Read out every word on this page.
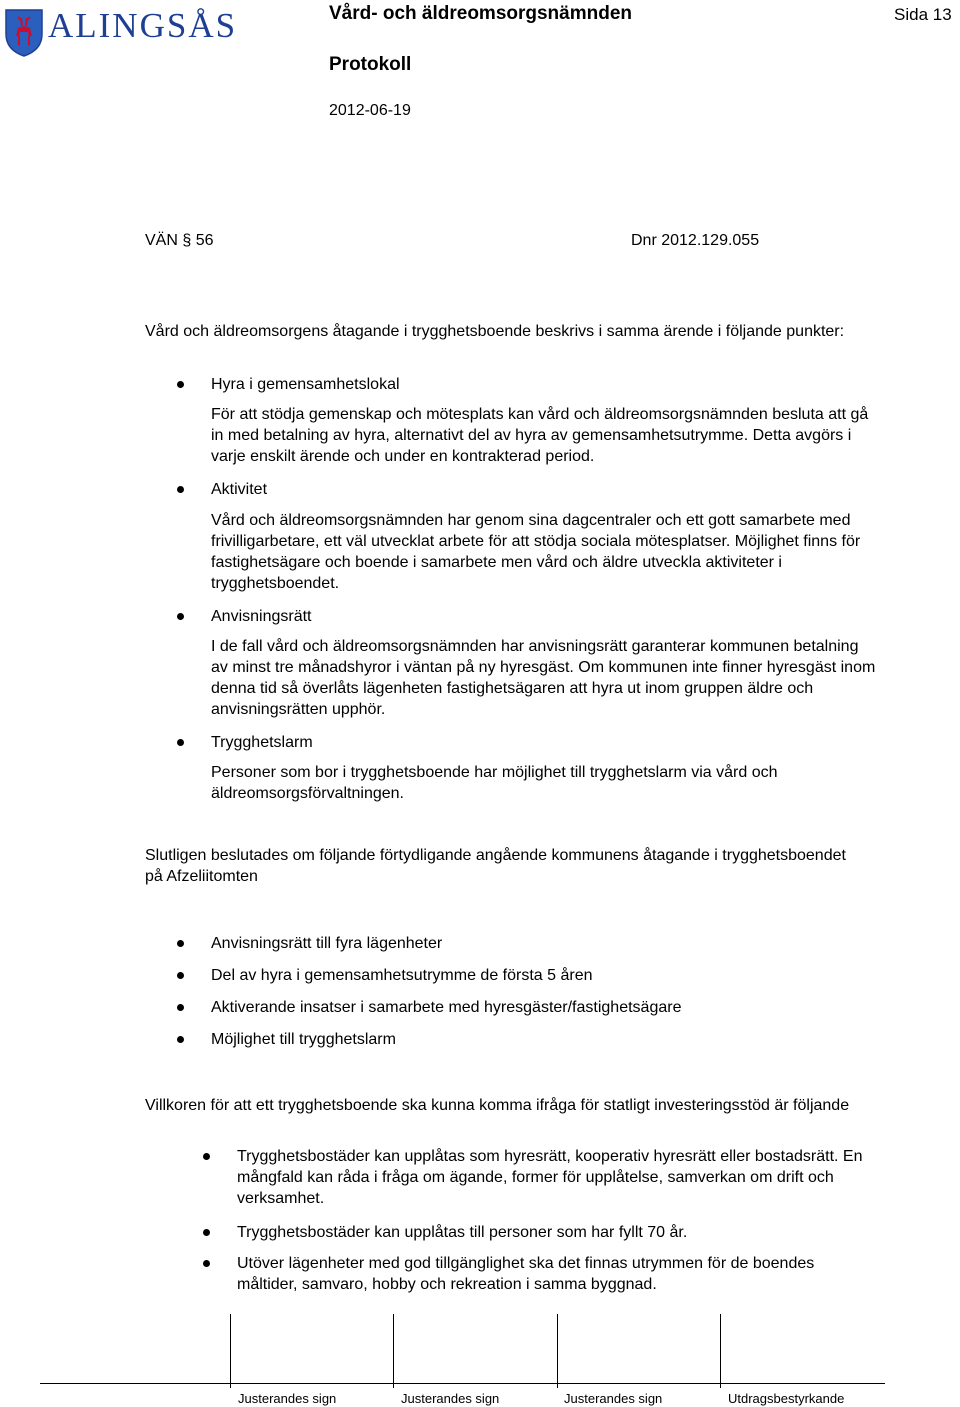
ALINGSÅS	Vård- och äldreomsorgsnämnden	Sida 13
Protokoll
2012-06-19
VÄN § 56	Dnr 2012.129.055
Vård och äldreomsorgens åtagande i trygghetsboende beskrivs i samma ärende i följande punkter:
Hyra i gemensamhetslokal
För att stödja gemenskap och mötesplats kan vård och äldreomsorgsnämnden besluta att gå in med betalning av hyra, alternativt del av hyra av gemensamhetsutrymme. Detta avgörs i varje enskilt ärende och under en kontrakterad period.
Aktivitet
Vård och äldreomsorgsnämnden har genom sina dagcentraler och ett gott samarbete med frivilligarbetare, ett väl utvecklat arbete för att stödja sociala mötesplatser. Möjlighet finns för fastighetsägare och boende i samarbete men vård och äldre utveckla aktiviteter i trygghetsboendet.
Anvisningsrätt
I de fall vård och äldreomsorgsnämnden har anvisningsrätt garanterar kommunen betalning av minst tre månadshyror i väntan på ny hyresgäst. Om kommunen inte finner hyresgäst inom denna tid så överlåts lägenheten fastighetsägaren att hyra ut inom gruppen äldre och anvisningsrätten upphör.
Trygghetslarm
Personer som bor i trygghetsboende har möjlighet till trygghetslarm via vård och äldreomsorgsförvaltningen.
Slutligen beslutades om följande förtydligande angående kommunens åtagande i trygghetsboendet på Afzeliitomten
Anvisningsrätt till fyra lägenheter
Del av hyra i gemensamhetsutrymme de första 5 åren
Aktiverande insatser i samarbete med hyresgäster/fastighetsägare
Möjlighet till trygghetslarm
Villkoren för att ett trygghetsboende ska kunna komma ifråga för statligt investeringsstöd är följande
Trygghetsbostäder kan upplåtas som hyresrätt, kooperativ hyresrätt eller bostadsrätt. En mångfald kan råda i fråga om ägande, former för upplåtelse, samverkan om drift och verksamhet.
Trygghetsbostäder kan upplåtas till personer som har fyllt 70 år.
Utöver lägenheter med god tillgänglighet ska det finnas utrymmen för de boendes måltider, samvaro, hobby och rekreation i samma byggnad.
Justerandes sign	Justerandes sign	Justerandes sign	Utdragsbestyrkande
